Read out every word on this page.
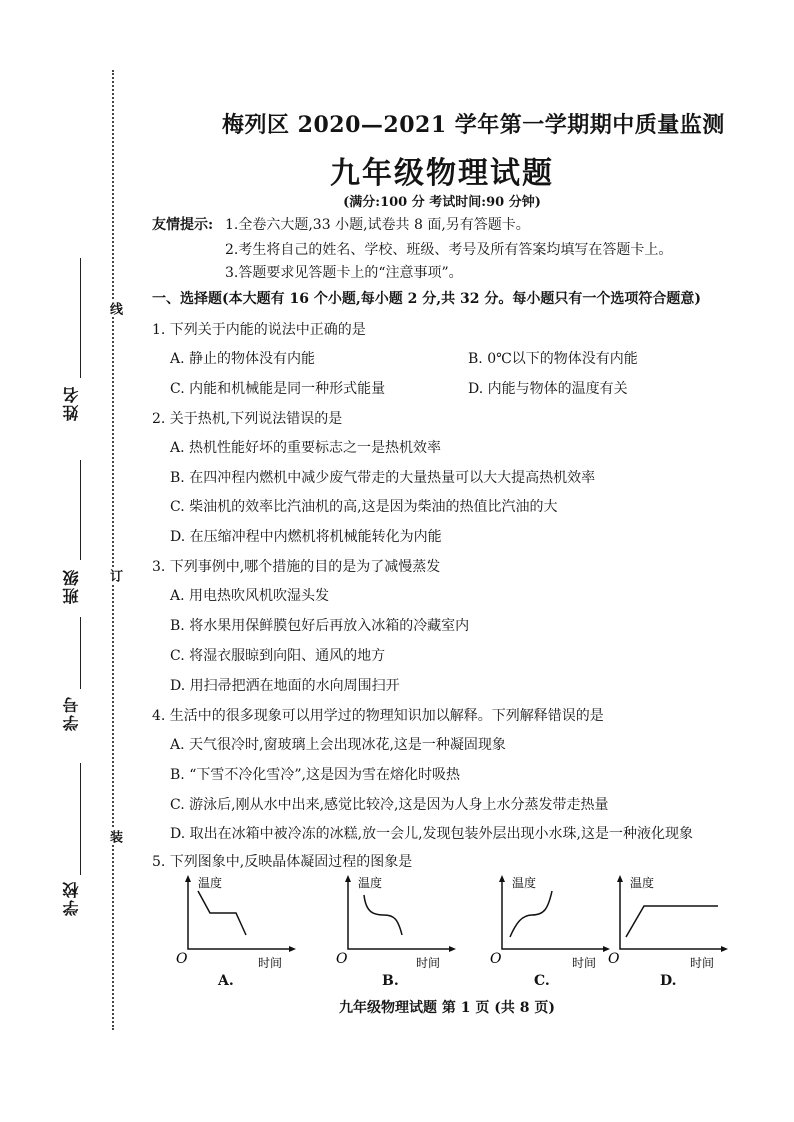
线
订
装
姓名
班级
学号
学校
梅列区 2020—2021 学年第一学期期中质量监测
九年级物理试题
(满分:100 分 考试时间:90 分钟)
友情提示: 1.全卷六大题,33 小题,试卷共 8 面,另有答题卡。
2.考生将自己的姓名、学校、班级、考号及所有答案均填写在答题卡上。
3.答题要求见答题卡上的“注意事项”。
一、选择题(本大题有 16 个小题,每小题 2 分,共 32 分。每小题只有一个选项符合题意)
1. 下列关于内能的说法中正确的是
A. 静止的物体没有内能	B. 0℃以下的物体没有内能
C. 内能和机械能是同一种形式能量	D. 内能与物体的温度有关
2. 关于热机,下列说法错误的是
A. 热机性能好坏的重要标志之一是热机效率
B. 在四冲程内燃机中减少废气带走的大量热量可以大大提高热机效率
C. 柴油机的效率比汽油机的高,这是因为柴油的热值比汽油的大
D. 在压缩冲程中内燃机将机械能转化为内能
3. 下列事例中,哪个措施的目的是为了减慢蒸发
A. 用电热吹风机吹湿头发
B. 将水果用保鲜膜包好后再放入冰箱的冷藏室内
C. 将湿衣服晾到向阳、通风的地方
D. 用扫帚把洒在地面的水向周围扫开
4. 生活中的很多现象可以用学过的物理知识加以解释。下列解释错误的是
A. 天气很冷时,窗玻璃上会出现冰花,这是一种凝固现象
B. “下雪不冷化雪冷”,这是因为雪在熔化时吸热
C. 游泳后,刚从水中出来,感觉比较冷,这是因为人身上水分蒸发带走热量
D. 取出在冰箱中被冷冻的冰糕,放一会儿,发现包装外层出现小水珠,这是一种液化现象
5. 下列图象中,反映晶体凝固过程的图象是
温度
O	时间
A.
温度
O	时间
B.
温度
O	时间
C.
温度
O	时间
D.
九年级物理试题 第 1 页 (共 8 页)
